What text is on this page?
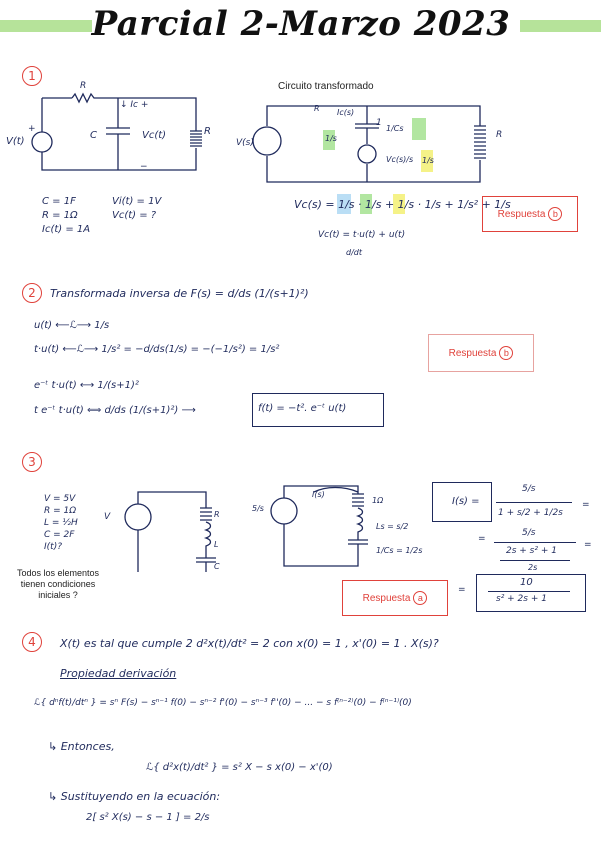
Parcial 2-Marzo 2023
1
R
↓ Ic +
C	Vc(t)	R
V(t)
+
−
C = 1F
R = 1Ω
Ic(t) = 1A
Vi(t) = 1V
Vc(t) = ?
Circuito transformado
V(s)
R Ic(s)
1
1/Cs
1/s
Vc(s)/s 1/s
R
Vc(s) = 1/s · 1/s + 1/s · 1/s + 1/s² + 1/s
Vc(t) = t·u(t) + u(t)
d/dt
Respuesta b
2	Transformada inversa de F(s) = d/ds (1/(s+1)²)
u(t) ⟵ℒ⟶ 1/s
t·u(t) ⟵ℒ⟶ 1/s² = −d/ds(1/s) = −(−1/s²) = 1/s²
e⁻ᵗ t·u(t) ⟷ 1/(s+1)²
t e⁻ᵗ t·u(t) ⟺ d/ds (1/(s+1)²) ⟶	f(t) = −t². e⁻ᵗ u(t)
Respuesta b
3
V = 5V
R = 1Ω
L = ½H
C = 2F
I(t)?
V	R
L
C
5/s
I(s)
1Ω
Ls = s/2
1/Cs = 1/2s
Todos los elementos tienen condiciones iniciales ?
I(s) =
5/s
1 + s/2 + 1/2s
=
=
5/s
2s + s² + 1
2s
=
=
10
s² + 2s + 1
Respuesta a
4	X(t) es tal que cumple 2 d²x(t)/dt² = 2 con x(0) = 1 , x'(0) = 1 . X(s)?
Propiedad derivación
ℒ{ dⁿf(t)/dtⁿ } = sⁿ F(s) − sⁿ⁻¹ f(0) − sⁿ⁻² f'(0) − sⁿ⁻³ f''(0) − ... − s f⁽ⁿ⁻²⁾(0) − f⁽ⁿ⁻¹⁾(0)
↳ Entonces,
ℒ{ d²x(t)/dt² } = s² X − s x(0) − x'(0)
↳ Sustituyendo en la ecuación:
2[ s² X(s) − s − 1 ] = 2/s
